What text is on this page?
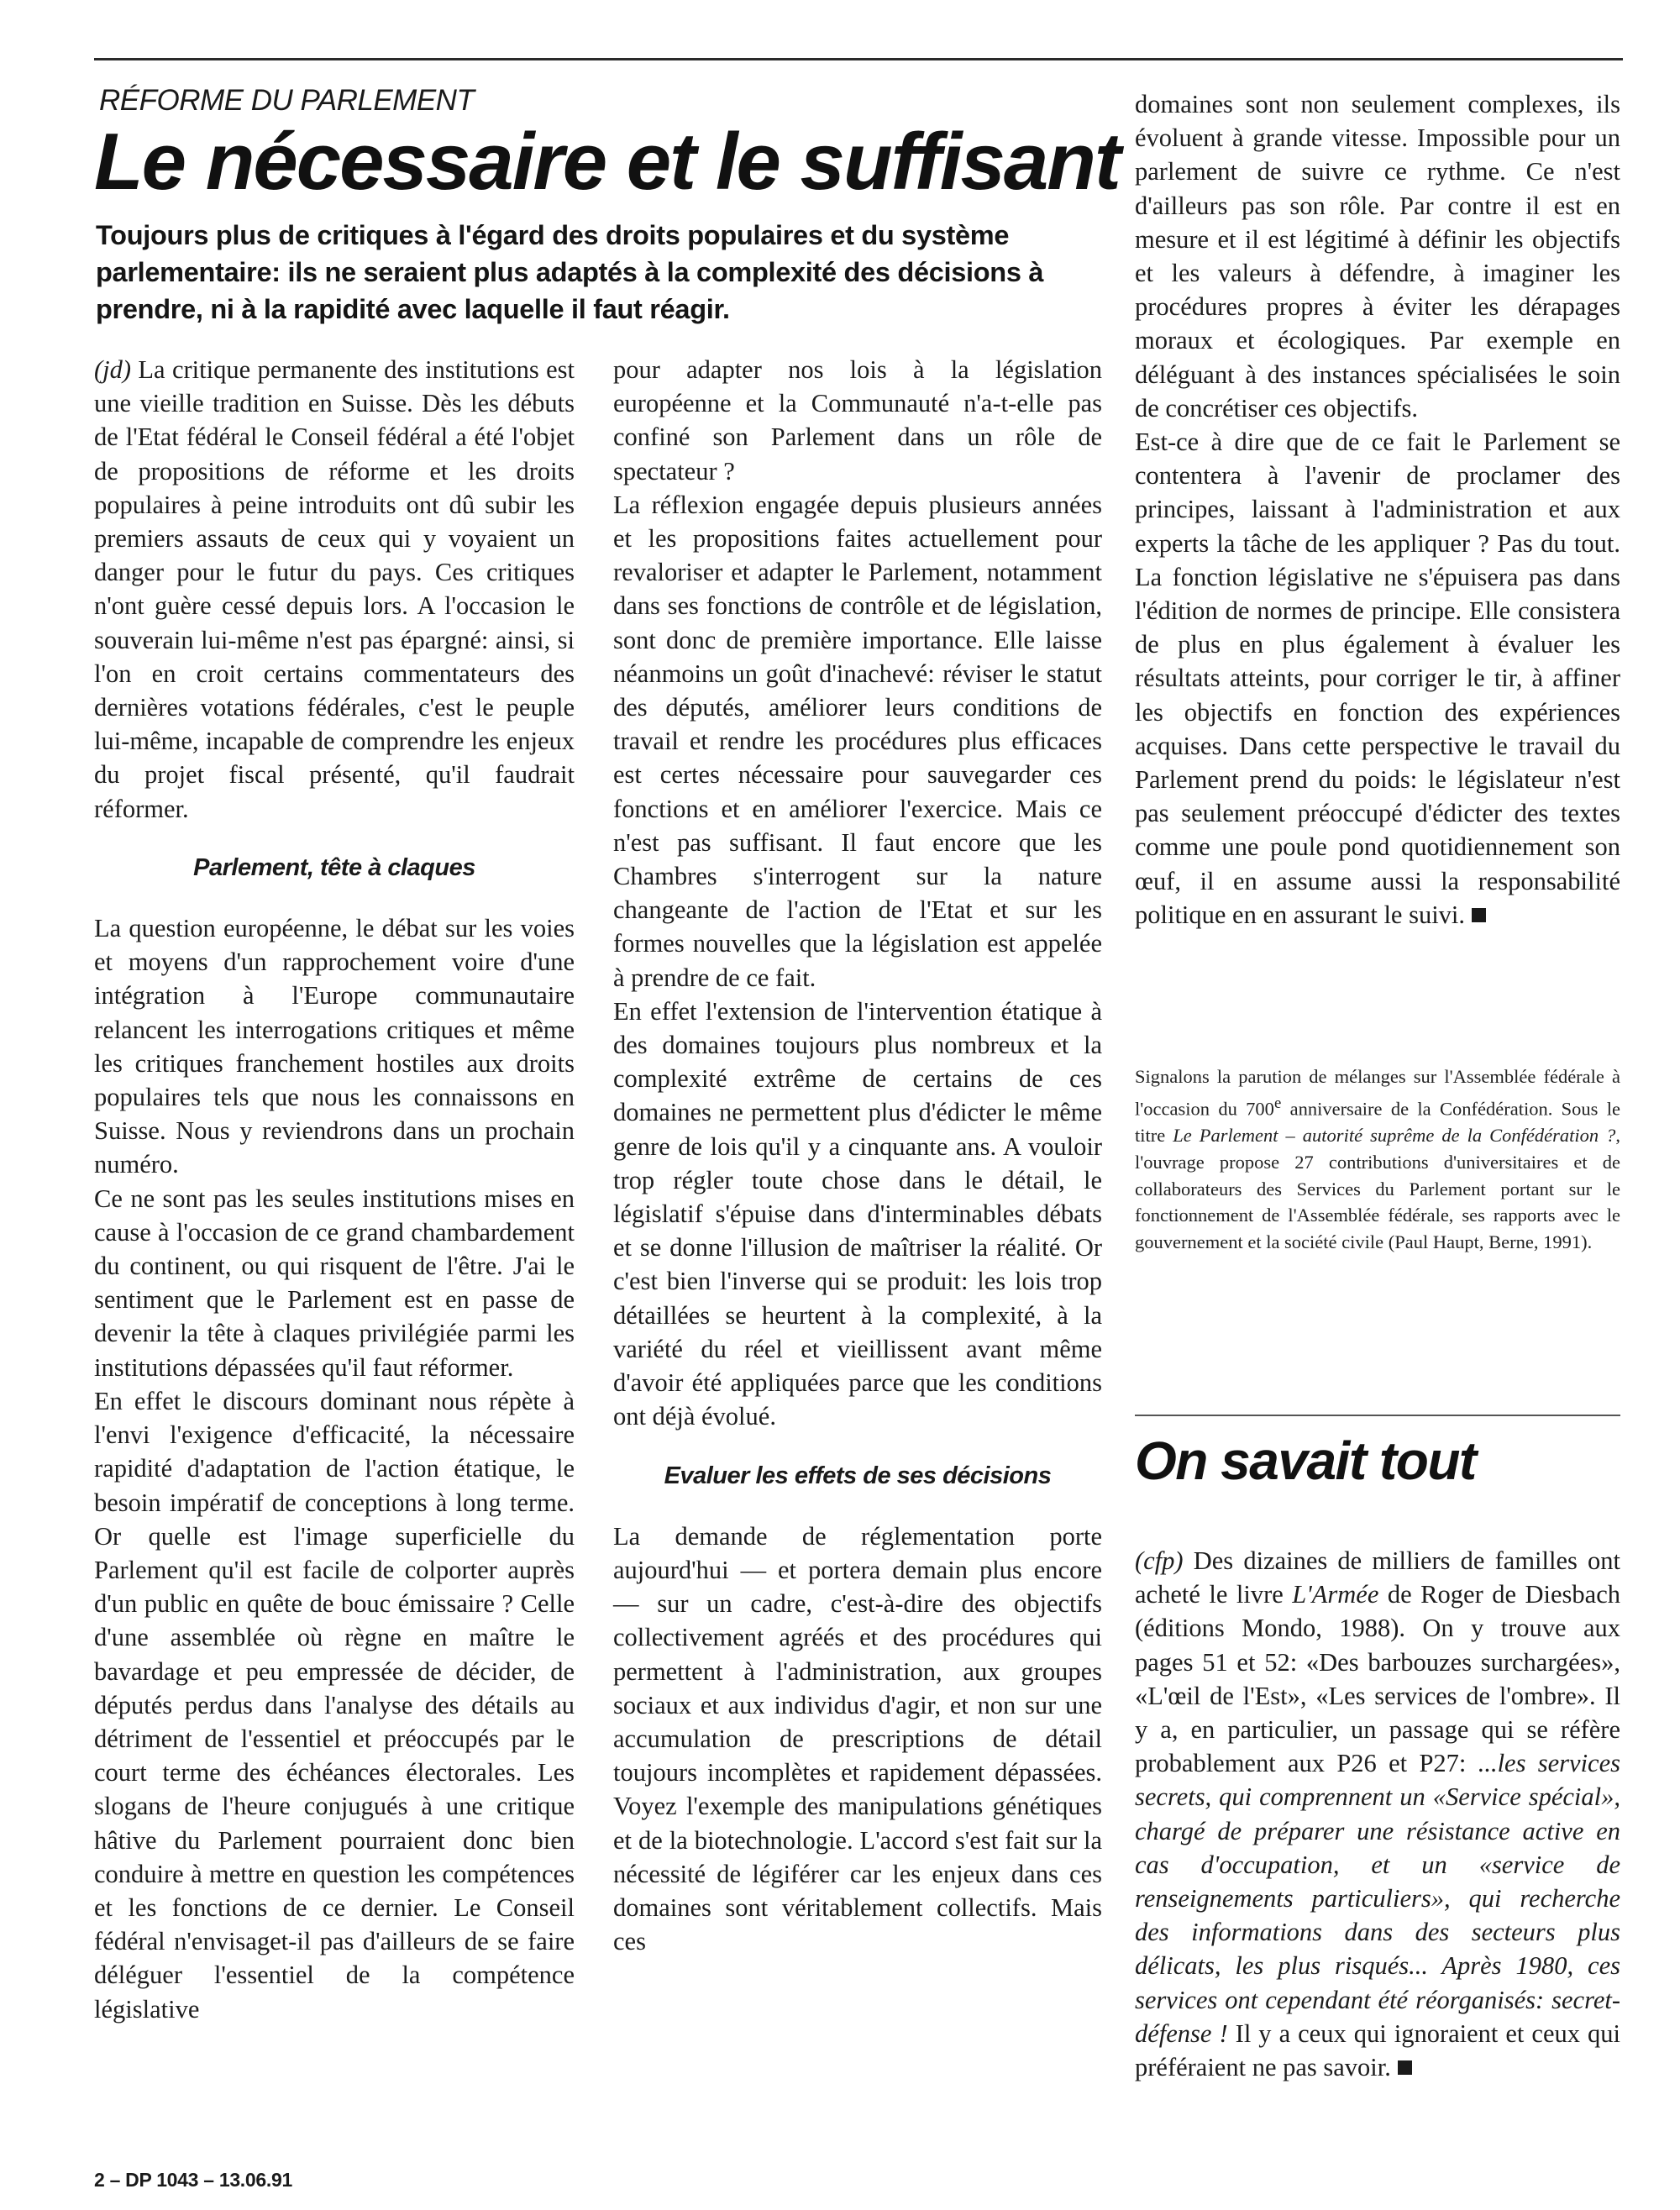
RÉFORME DU PARLEMENT

Le nécessaire et le suffisant

Toujours plus de critiques à l'égard des droits populaires et du système parlementaire: ils ne seraient plus adaptés à la complexité des décisions à prendre, ni à la rapidité avec laquelle il faut réagir.

(jd) La critique permanente des institutions est une vieille tradition en Suisse. Dès les débuts de l'Etat fédéral le Conseil fédéral a été l'objet de propositions de réforme et les droits populaires à peine introduits ont dû subir les premiers assauts de ceux qui y voyaient un danger pour le futur du pays. Ces critiques n'ont guère cessé depuis lors. A l'occasion le souverain lui-même n'est pas épargné: ainsi, si l'on en croit certains commentateurs des dernières votations fédérales, c'est le peuple lui-même, incapable de comprendre les enjeux du projet fiscal présenté, qu'il faudrait réformer.

Parlement, tête à claques

La question européenne, le débat sur les voies et moyens d'un rapprochement voire d'une intégration à l'Europe communautaire relancent les interrogations critiques et même les critiques franchement hostiles aux droits populaires tels que nous les connaissons en Suisse. Nous y reviendrons dans un prochain numéro.

Ce ne sont pas les seules institutions mises en cause à l'occasion de ce grand chambardement du continent, ou qui risquent de l'être. J'ai le sentiment que le Parlement est en passe de devenir la tête à claques privilégiée parmi les institutions dépassées qu'il faut réformer.

En effet le discours dominant nous répète à l'envi l'exigence d'efficacité, la nécessaire rapidité d'adaptation de l'action étatique, le besoin impératif de conceptions à long terme. Or quelle est l'image superficielle du Parlement qu'il est facile de colporter auprès d'un public en quête de bouc émissaire ? Celle d'une assemblée où règne en maître le bavardage et peu empressée de décider, de députés perdus dans l'analyse des détails au détriment de l'essentiel et préoccupés par le court terme des échéances électorales. Les slogans de l'heure conjugués à une critique hâtive du Parlement pourraient donc bien conduire à mettre en question les compétences et les fonctions de ce dernier. Le Conseil fédéral n'envisaget-il pas d'ailleurs de se faire déléguer l'essentiel de la compétence législative

pour adapter nos lois à la législation européenne et la Communauté n'a-t-elle pas confiné son Parlement dans un rôle de spectateur ?

La réflexion engagée depuis plusieurs années et les propositions faites actuellement pour revaloriser et adapter le Parlement, notamment dans ses fonctions de contrôle et de législation, sont donc de première importance. Elle laisse néanmoins un goût d'inachevé: réviser le statut des députés, améliorer leurs conditions de travail et rendre les procédures plus efficaces est certes nécessaire pour sauvegarder ces fonctions et en améliorer l'exercice. Mais ce n'est pas suffisant. Il faut encore que les Chambres s'interrogent sur la nature changeante de l'action de l'Etat et sur les formes nouvelles que la législation est appelée à prendre de ce fait.

En effet l'extension de l'intervention étatique à des domaines toujours plus nombreux et la complexité extrême de certains de ces domaines ne permettent plus d'édicter le même genre de lois qu'il y a cinquante ans. A vouloir trop régler toute chose dans le détail, le législatif s'épuise dans d'interminables débats et se donne l'illusion de maîtriser la réalité. Or c'est bien l'inverse qui se produit: les lois trop détaillées se heurtent à la complexité, à la variété du réel et vieillissent avant même d'avoir été appliquées parce que les conditions ont déjà évolué.

Evaluer les effets de ses décisions

La demande de réglementation porte aujourd'hui — et portera demain plus encore — sur un cadre, c'est-à-dire des objectifs collectivement agréés et des procédures qui permettent à l'administration, aux groupes sociaux et aux individus d'agir, et non sur une accumulation de prescriptions de détail toujours incomplètes et rapidement dépassées. Voyez l'exemple des manipulations génétiques et de la biotechnologie. L'accord s'est fait sur la nécessité de légiférer car les enjeux dans ces domaines sont véritablement collectifs. Mais ces

domaines sont non seulement complexes, ils évoluent à grande vitesse. Impossible pour un parlement de suivre ce rythme. Ce n'est d'ailleurs pas son rôle. Par contre il est en mesure et il est légitimé à définir les objectifs et les valeurs à défendre, à imaginer les procédures propres à éviter les dérapages moraux et écologiques. Par exemple en déléguant à des instances spécialisées le soin de concrétiser ces objectifs.

Est-ce à dire que de ce fait le Parlement se contentera à l'avenir de proclamer des principes, laissant à l'administration et aux experts la tâche de les appliquer ? Pas du tout. La fonction législative ne s'épuisera pas dans l'édition de normes de principe. Elle consistera de plus en plus également à évaluer les résultats atteints, pour corriger le tir, à affiner les objectifs en fonction des expériences acquises. Dans cette perspective le travail du Parlement prend du poids: le législateur n'est pas seulement préoccupé d'édicter des textes comme une poule pond quotidiennement son œuf, il en assume aussi la responsabilité politique en en assurant le suivi.

Signalons la parution de mélanges sur l'Assemblée fédérale à l'occasion du 700e anniversaire de la Confédération. Sous le titre Le Parlement – autorité suprême de la Confédération ?, l'ouvrage propose 27 contributions d'universitaires et de collaborateurs des Services du Parlement portant sur le fonctionnement de l'Assemblée fédérale, ses rapports avec le gouvernement et la société civile (Paul Haupt, Berne, 1991).

On savait tout

(cfp) Des dizaines de milliers de familles ont acheté le livre L'Armée de Roger de Diesbach (éditions Mondo, 1988). On y trouve aux pages 51 et 52: «Des barbouzes surchargées», «L'œil de l'Est», «Les services de l'ombre». Il y a, en particulier, un passage qui se réfère probablement aux P26 et P27: ...les services secrets, qui comprennent un «Service spécial», chargé de préparer une résistance active en cas d'occupation, et un «service de renseignements particuliers», qui recherche des informations dans des secteurs plus délicats, les plus risqués... Après 1980, ces services ont cependant été réorganisés: secret-défense ! Il y a ceux qui ignoraient et ceux qui préféraient ne pas savoir.

2 – DP 1043 – 13.06.91
